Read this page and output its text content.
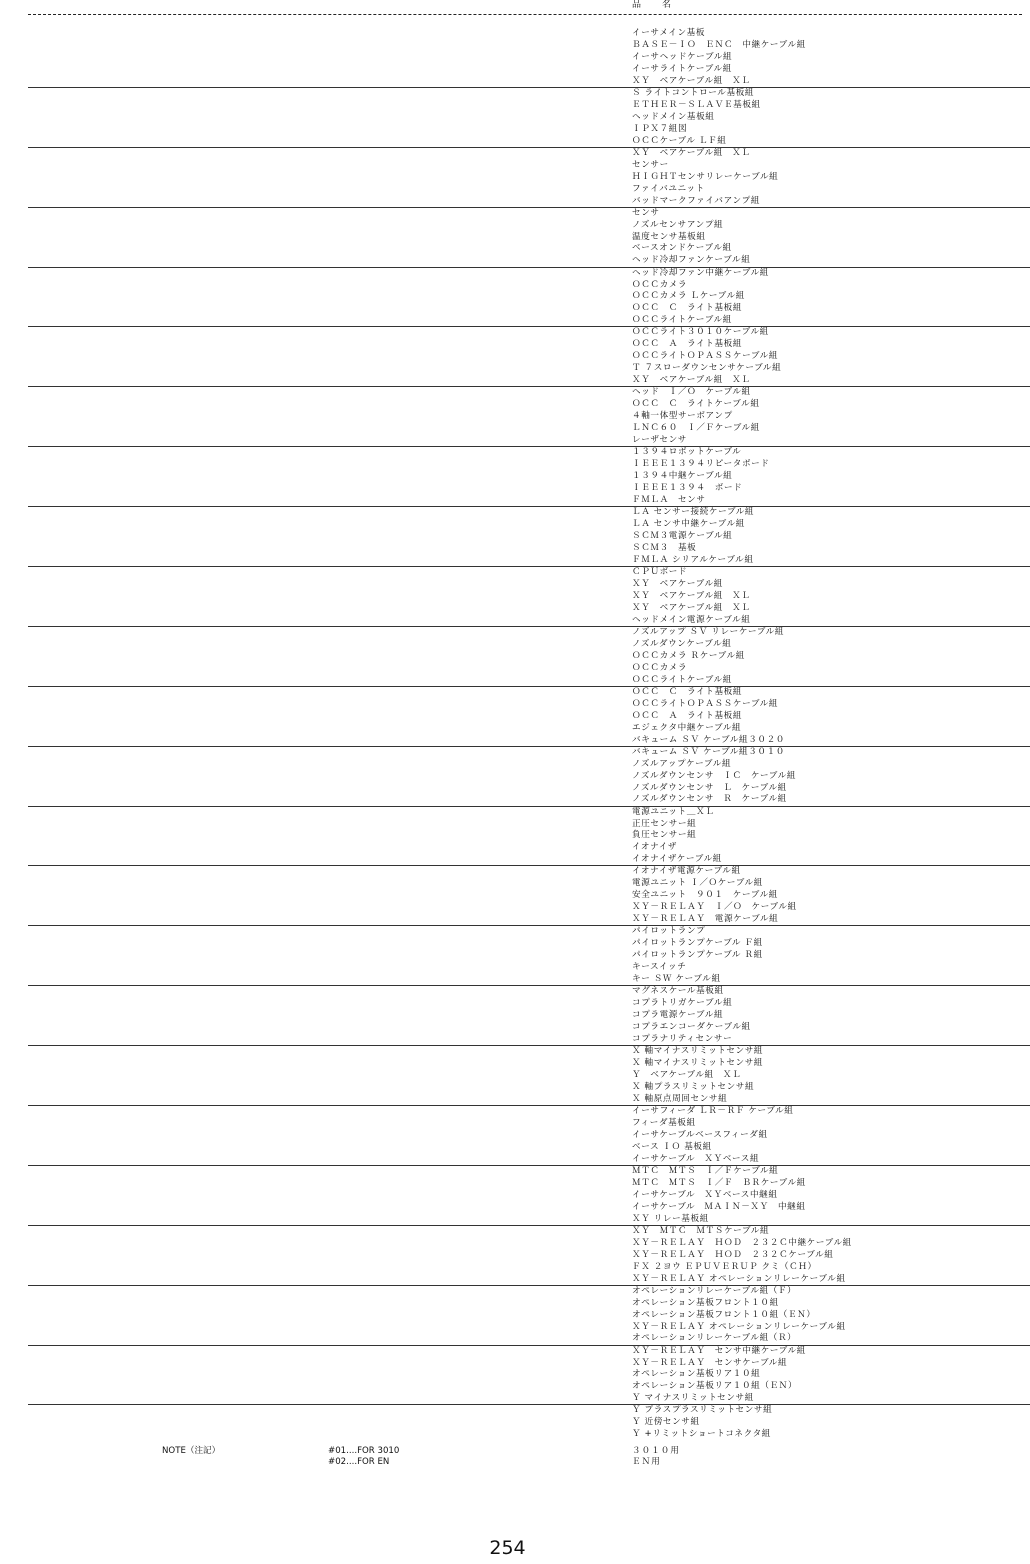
品　名
イーサメイン基板
ＢＡＳＥ－ＩＯ　ＥＮＣ　中継ケーブル組
イーサヘッドケーブル組
イーサライトケーブル組
ＸＹ　ベアケーブル組　ＸＬ
Ｓ ライトコントロール基板組
ＥＴＨＥＲ－ＳＬＡＶＥ基板組
ヘッドメイン基板組
ＩＰＸ７組図
ＯＣＣケーブル ＬＦ組
ＸＹ　ベアケーブル組　ＸＬ
センサー
ＨＩＧＨＴセンサリレーケーブル組
ファイバユニット
バッドマークファイバアンプ組
センサ
ノズルセンサアンプ組
温度センサ基板組
ベースオンドケーブル組
ヘッド冷却ファンケーブル組
ヘッド冷却ファン中継ケーブル組
ＯＣＣカメラ
ＯＣＣカメラ Ｌケーブル組
ＯＣＣ　Ｃ　ライト基板組
ＯＣＣライトケーブル組
ＯＣＣライト３０１０ケーブル組
ＯＣＣ　Ａ　ライト基板組
ＯＣＣライトＯＰＡＳＳケーブル組
Ｔ ７スローダウンセンサケーブル組
ＸＹ　ベアケーブル組　ＸＬ
ヘッド　Ｉ／Ｏ　ケーブル組
ＯＣＣ　Ｃ　ライトケーブル組
４軸一体型サーボアンプ
ＬＮＣ６０　Ｉ／Ｆケーブル組
レーザセンサ
１３９４ロボットケーブル
ＩＥＥＥ１３９４リピータボード
１３９４中継ケーブル組
ＩＥＥＥ１３９４　ボード
ＦＭＬＡ　センサ
ＬＡ センサー接続ケーブル組
ＬＡ センサ中継ケーブル組
ＳＣＭ３電源ケーブル組
ＳＣＭ３　基板
ＦＭＬＡ シリアルケーブル組
ＣＰＵボード
ＸＹ　ベアケーブル組
ＸＹ　ベアケーブル組　ＸＬ
ＸＹ　ベアケーブル組　ＸＬ
ヘッドメイン電源ケーブル組
ノズルアップ ＳＶ リレーケーブル組
ノズルダウンケーブル組
ＯＣＣカメラ Ｒケーブル組
ＯＣＣカメラ
ＯＣＣライトケーブル組
ＯＣＣ　Ｃ　ライト基板組
ＯＣＣライトＯＰＡＳＳケーブル組
ＯＣＣ　Ａ　ライト基板組
エジェクタ中継ケーブル組
バキューム ＳＶ ケーブル組３０２０
バキューム ＳＶ ケーブル組３０１０
ノズルアップケーブル組
ノズルダウンセンサ　ＩＣ　ケーブル組
ノズルダウンセンサ　Ｌ　ケーブル組
ノズルダウンセンサ　Ｒ　ケーブル組
電源ユニット＿ＸＬ
正圧センサー組
負圧センサー組
イオナイザ
イオナイザケーブル組
イオナイザ電源ケーブル組
電源ユニット Ｉ／Ｏケーブル組
安全ユニット　９０１　ケーブル組
ＸＹ－ＲＥＬＡＹ　Ｉ／Ｏ　ケーブル組
ＸＹ－ＲＥＬＡＹ　電源ケーブル組
パイロットランプ
パイロットランプケーブル Ｆ組
パイロットランプケーブル Ｒ組
キースイッチ
キー ＳＷ ケーブル組
マグネスケール基板組
コプラトリガケーブル組
コプラ電源ケーブル組
コプラエンコーダケーブル組
コプラナリティセンサー
Ｘ 軸マイナスリミットセンサ組
Ｘ 軸マイナスリミットセンサ組
Ｙ　ベアケーブル組　ＸＬ
Ｘ 軸プラスリミットセンサ組
Ｘ 軸原点周回センサ組
イーサフィーダ ＬＲ－ＲＦ ケーブル組
フィーダ基板組
イーサケーブルベースフィーダ組
ベース ＩＯ 基板組
イーサケーブル　ＸＹベース組
ＭＴＣ　ＭＴＳ　Ｉ／Ｆケーブル組
ＭＴＣ　ＭＴＳ　Ｉ／Ｆ　ＢＲケーブル組
イーサケーブル　ＸＹベース中継組
イーサケーブル　ＭＡＩＮ－ＸＹ　中継組
ＸＹ リレー基板組
ＸＹ　ＭＴＣ　ＭＴＳケーブル組
ＸＹ－ＲＥＬＡＹ　ＨＯＤ　２３２Ｃ中継ケーブル組
ＸＹ－ＲＥＬＡＹ　ＨＯＤ　２３２Ｃケーブル組
ＦＸ ２ヨウ ＥＰＵＶＥＲＵＰ クミ（ＣＨ）
ＸＹ－ＲＥＬＡＹ オペレーションリレーケーブル組
オペレーションリレーケーブル組（Ｆ）
オペレーション基板フロント１０組
オペレーション基板フロント１０組（ＥＮ）
ＸＹ－ＲＥＬＡＹ オペレーションリレーケーブル組
オペレーションリレーケーブル組（Ｒ）
ＸＹ－ＲＥＬＡＹ　センサ中継ケーブル組
ＸＹ－ＲＥＬＡＹ　センサケーブル組
オペレーション基板リア１０組
オペレーション基板リア１０組（ＥＮ）
Ｙ マイナスリミットセンサ組
Ｙ プラスプラスリミットセンサ組
Ｙ 近傍センサ組
Ｙ +リミットショートコネクタ組
NOTE（注記）	#01....FOR 3010
#02....FOR EN
３０１０用
ＥＮ用
254
